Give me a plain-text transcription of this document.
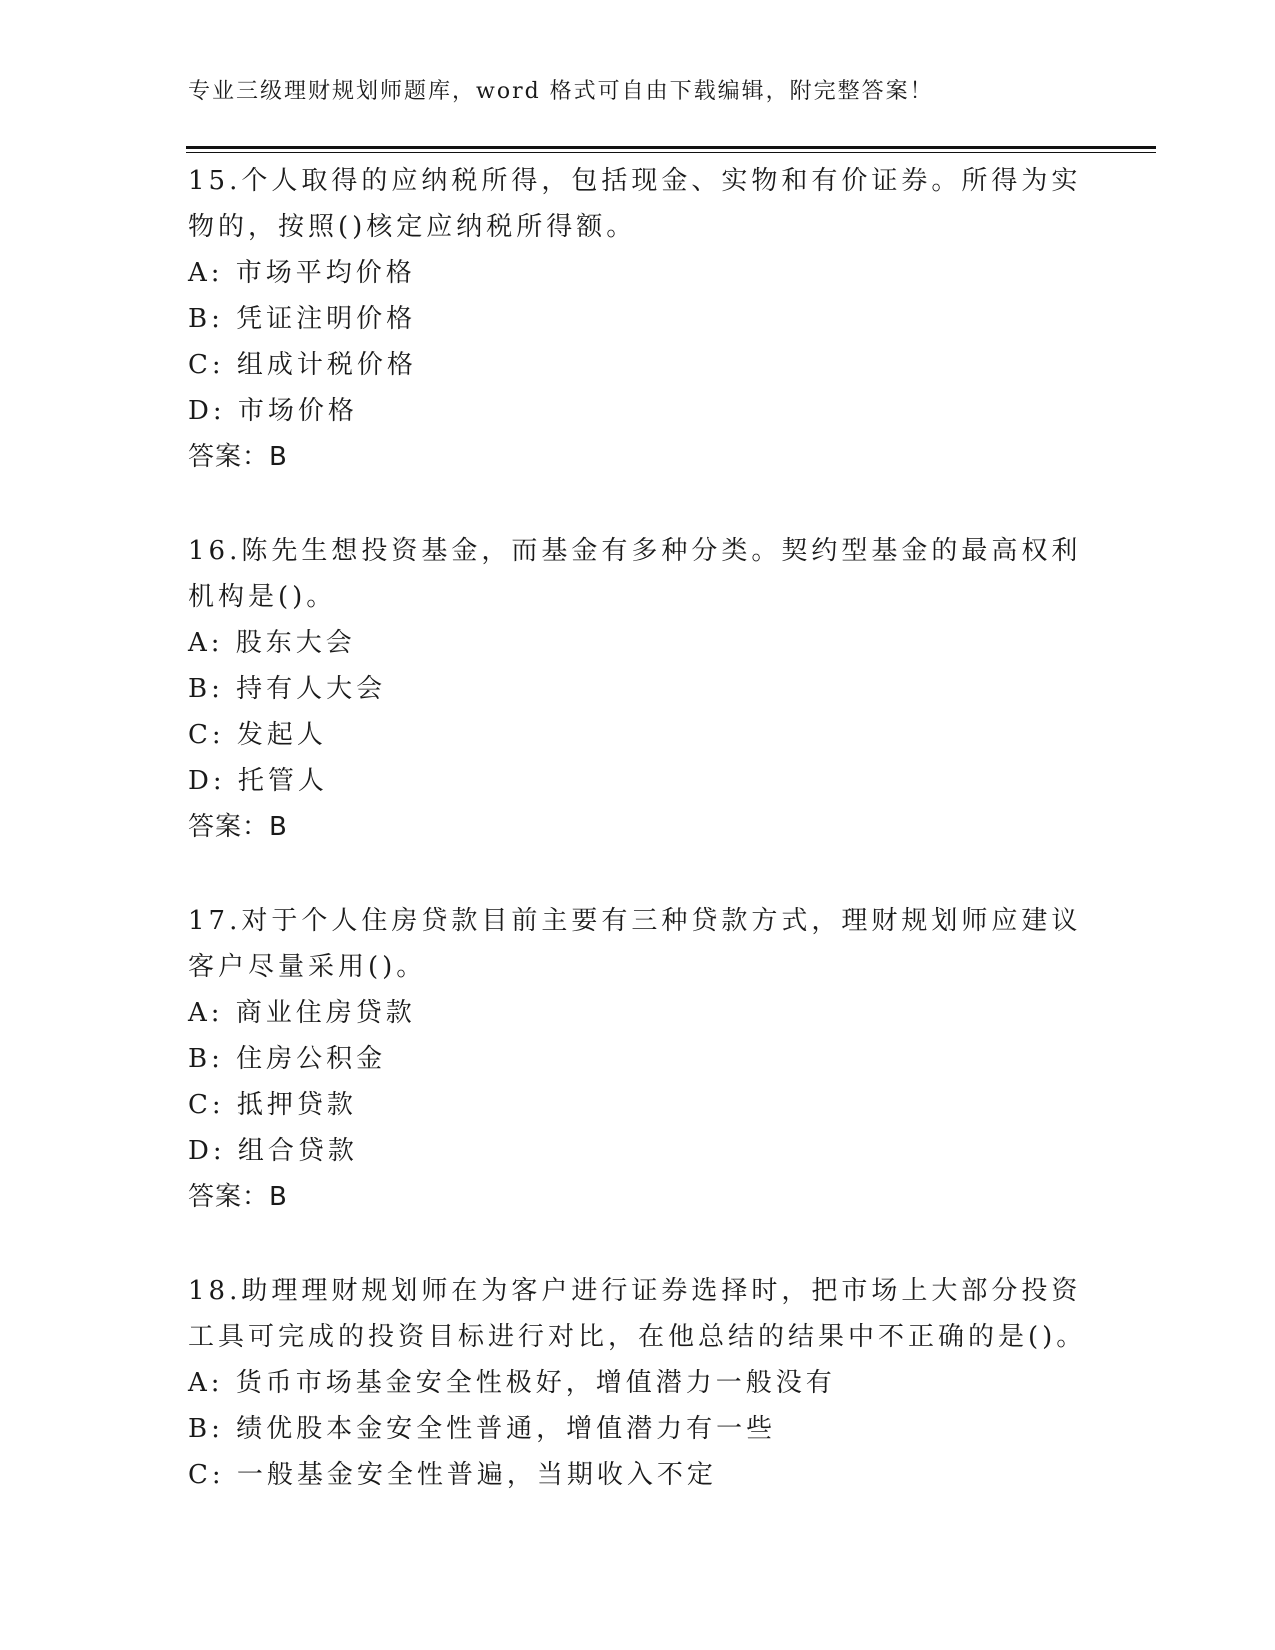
专业三级理财规划师题库，word 格式可自由下载编辑，附完整答案！
15.个人取得的应纳税所得，包括现金、实物和有价证券。所得为实物的，按照()核定应纳税所得额。
A: 市场平均价格
B: 凭证注明价格
C: 组成计税价格
D: 市场价格
答案：B
16.陈先生想投资基金，而基金有多种分类。契约型基金的最高权利机构是()。
A: 股东大会
B: 持有人大会
C: 发起人
D: 托管人
答案：B
17.对于个人住房贷款目前主要有三种贷款方式，理财规划师应建议客户尽量采用()。
A: 商业住房贷款
B: 住房公积金
C: 抵押贷款
D: 组合贷款
答案：B
18.助理理财规划师在为客户进行证券选择时，把市场上大部分投资工具可完成的投资目标进行对比，在他总结的结果中不正确的是()。
A: 货币市场基金安全性极好，增值潜力一般没有
B: 绩优股本金安全性普通，增值潜力有一些
C: 一般基金安全性普遍，当期收入不定
